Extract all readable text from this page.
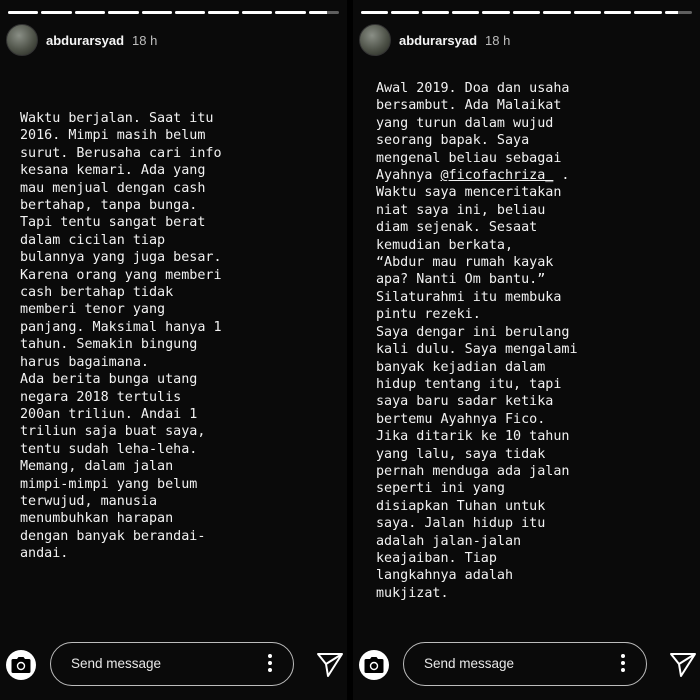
abdurarsyad 18 h
Waktu berjalan. Saat itu
2016. Mimpi masih belum
surut. Berusaha cari info
kesana kemari. Ada yang
mau menjual dengan cash
bertahap, tanpa bunga.
Tapi tentu sangat berat
dalam cicilan tiap
bulannya yang juga besar.
Karena orang yang memberi
cash bertahap tidak
memberi tenor yang
panjang. Maksimal hanya 1
tahun. Semakin bingung
harus bagaimana.
Ada berita bunga utang
negara 2018 tertulis
200an triliun. Andai 1
triliun saja buat saya,
tentu sudah leha-leha.
Memang, dalam jalan
mimpi-mimpi yang belum
terwujud, manusia
menumbuhkan harapan
dengan banyak berandai-
andai.
Send message
abdurarsyad 18 h
Awal 2019. Doa dan usaha
bersambut. Ada Malaikat
yang turun dalam wujud
seorang bapak. Saya
mengenal beliau sebagai
Ayahnya @ficofachriza_ .
Waktu saya menceritakan
niat saya ini, beliau
diam sejenak. Sesaat
kemudian berkata,
“Abdur mau rumah kayak
apa? Nanti Om bantu.”
Silaturahmi itu membuka
pintu rezeki.
Saya dengar ini berulang
kali dulu. Saya mengalami
banyak kejadian dalam
hidup tentang itu, tapi
saya baru sadar ketika
bertemu Ayahnya Fico.
Jika ditarik ke 10 tahun
yang lalu, saya tidak
pernah menduga ada jalan
seperti ini yang
disiapkan Tuhan untuk
saya. Jalan hidup itu
adalah jalan-jalan
keajaiban. Tiap
langkahnya adalah
mukjizat.
Send message
